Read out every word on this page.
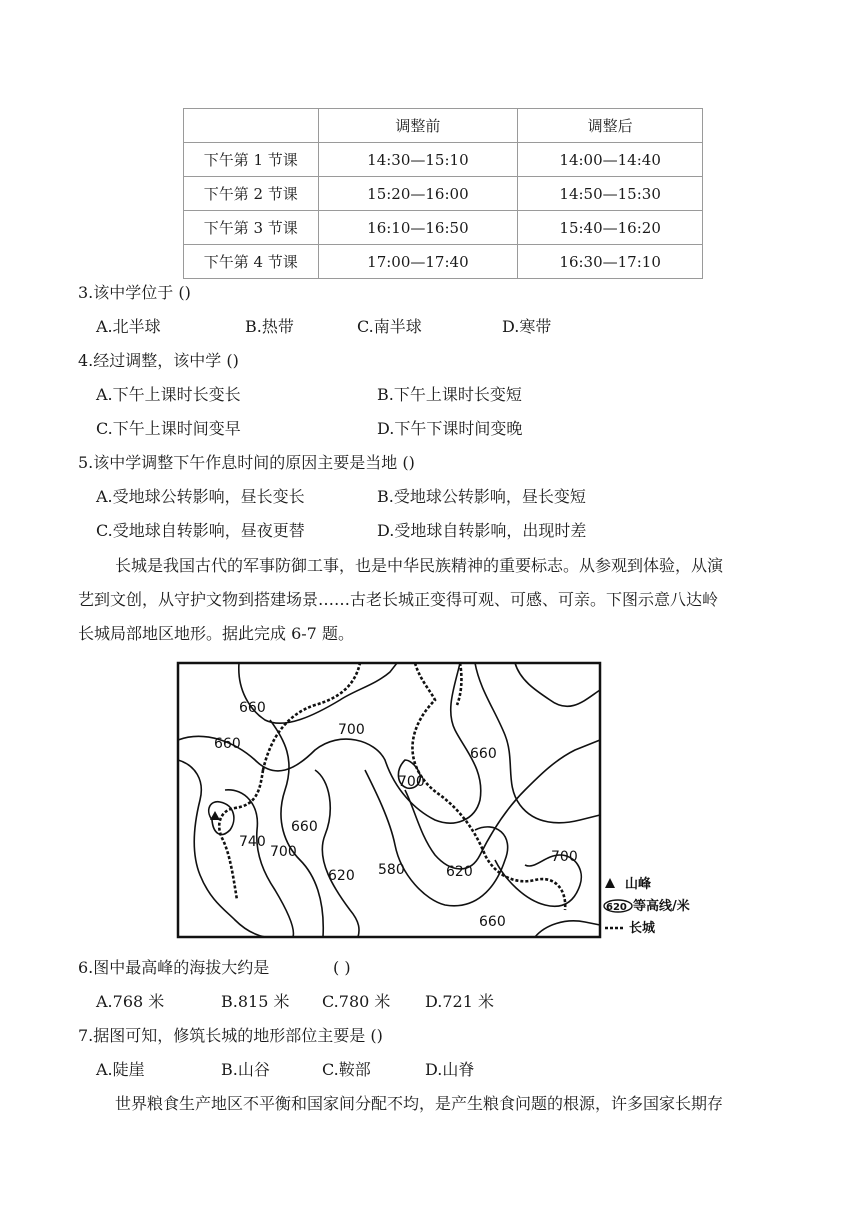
	调整前	调整后
下午第 1 节课	14:30—15:10	14:00—14:40
下午第 2 节课	15:20—16:00	14:50—15:30
下午第 3 节课	16:10—16:50	15:40—16:20
下午第 4 节课	17:00—17:40	16:30—17:10
3.该中学位于 ()
A.北半球	B.热带	C.南半球	D.寒带
4.经过调整，该中学 ()
A.下午上课时长变长	B.下午上课时长变短
C.下午上课时间变早	D.下午下课时间变晚
5.该中学调整下午作息时间的原因主要是当地 ()
A.受地球公转影响，昼长变长	B.受地球公转影响，昼长变短
C.受地球自转影响，昼夜更替	D.受地球自转影响，出现时差
长城是我国古代的军事防御工事，也是中华民族精神的重要标志。从参观到体验，从演
艺到文创，从守护文物到搭建场景……古老长城正变得可观、可感、可亲。下图示意八达岭
长城局部地区地形。据此完成 6-7 题。
660
700
660
700
660
740
700
660
620 580	620
700
660
山峰
620 等高线/米
长城
6.图中最高峰的海拔大约是	( )
A.768 米	B.815 米 C.780 米 D.721 米
7.据图可知，修筑长城的地形部位主要是 ()
A.陡崖	B.山谷	C.鞍部	D.山脊
世界粮食生产地区不平衡和国家间分配不均，是产生粮食问题的根源，许多国家长期存
